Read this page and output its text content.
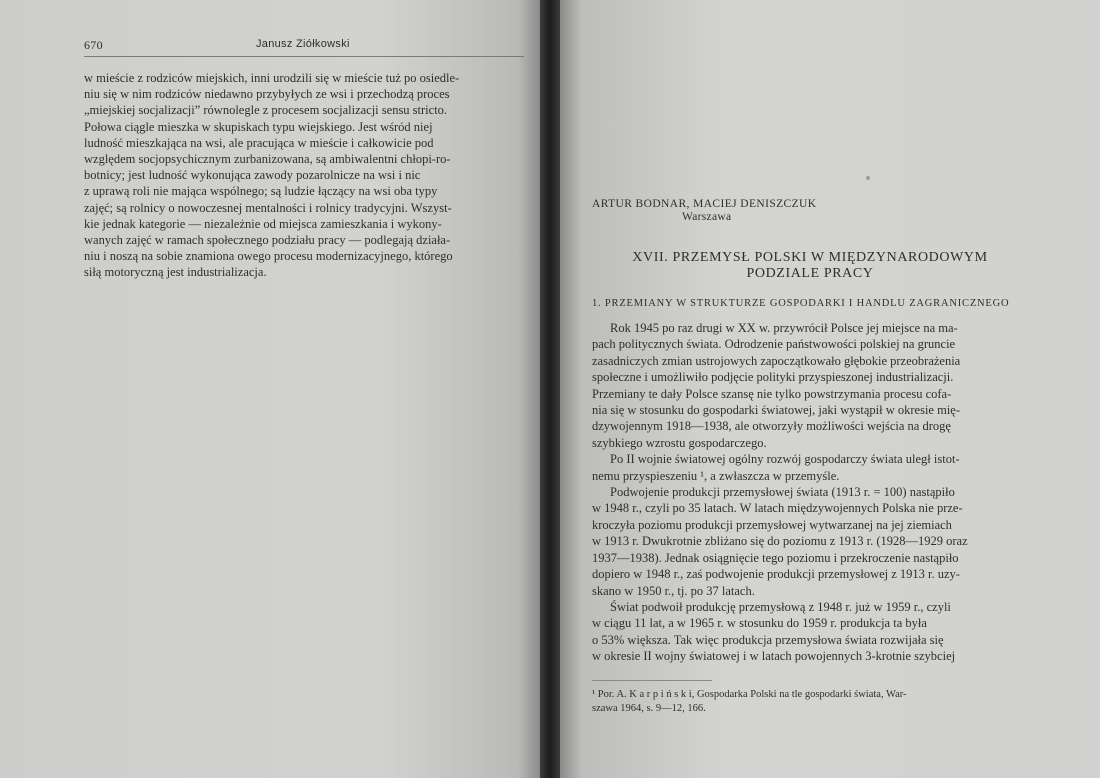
670	Janusz Ziółkowski
w mieście z rodziców miejskich, inni urodzili się w mieście tuż po osiedle-
niu się w nim rodziców niedawno przybyłych ze wsi i przechodzą proces
„miejskiej socjalizacji” równolegle z procesem socjalizacji sensu stricto.
Połowa ciągle mieszka w skupiskach typu wiejskiego. Jest wśród niej
ludność mieszkająca na wsi, ale pracująca w mieście i całkowicie pod
względem socjopsychicznym zurbanizowana, są ambiwalentni chłopi-ro-
botnicy; jest ludność wykonująca zawody pozarolnicze na wsi i nic
z uprawą roli nie mająca wspólnego; są ludzie łączący na wsi oba typy
zajęć; są rolnicy o nowoczesnej mentalności i rolnicy tradycyjni. Wszyst-
kie jednak kategorie — niezależnie od miejsca zamieszkania i wykony-
wanych zajęć w ramach społecznego podziału pracy — podlegają działa-
niu i noszą na sobie znamiona owego procesu modernizacyjnego, którego
siłą motoryczną jest industrializacja.
ARTUR BODNAR, MACIEJ DENISZCZUK
Warszawa
XVII. PRZEMYSŁ POLSKI W MIĘDZYNARODOWYM PODZIALE PRACY
1. PRZEMIANY W STRUKTURZE GOSPODARKI I HANDLU ZAGRANICZNEGO
Rok 1945 po raz drugi w XX w. przywrócił Polsce jej miejsce na ma-
pach politycznych świata. Odrodzenie państwowości polskiej na gruncie
zasadniczych zmian ustrojowych zapoczątkowało głębokie przeobrażenia
społeczne i umożliwiło podjęcie polityki przyspieszonej industrializacji.
Przemiany te dały Polsce szansę nie tylko powstrzymania procesu cofa-
nia się w stosunku do gospodarki światowej, jaki wystąpił w okresie mię-
dzywojennym 1918—1938, ale otworzyły możliwości wejścia na drogę
szybkiego wzrostu gospodarczego.
Po II wojnie światowej ogólny rozwój gospodarczy świata uległ istot-
nemu przyspieszeniu ¹, a zwłaszcza w przemyśle.
Podwojenie produkcji przemysłowej świata (1913 r. = 100) nastąpiło
w 1948 r., czyli po 35 latach. W latach międzywojennych Polska nie prze-
kroczyła poziomu produkcji przemysłowej wytwarzanej na jej ziemiach
w 1913 r. Dwukrotnie zbliżano się do poziomu z 1913 r. (1928—1929 oraz
1937—1938). Jednak osiągnięcie tego poziomu i przekroczenie nastąpiło
dopiero w 1948 r., zaś podwojenie produkcji przemysłowej z 1913 r. uzy-
skano w 1950 r., tj. po 37 latach.
Świat podwoił produkcję przemysłową z 1948 r. już w 1959 r., czyli
w ciągu 11 lat, a w 1965 r. w stosunku do 1959 r. produkcja ta była
o 53% większa. Tak więc produkcja przemysłowa świata rozwijała się
w okresie II wojny światowej i w latach powojennych 3-krotnie szybciej
¹ Por. A. K a r p i ń s k i, Gospodarka Polski na tle gospodarki świata, War-
szawa 1964, s. 9—12, 166.
